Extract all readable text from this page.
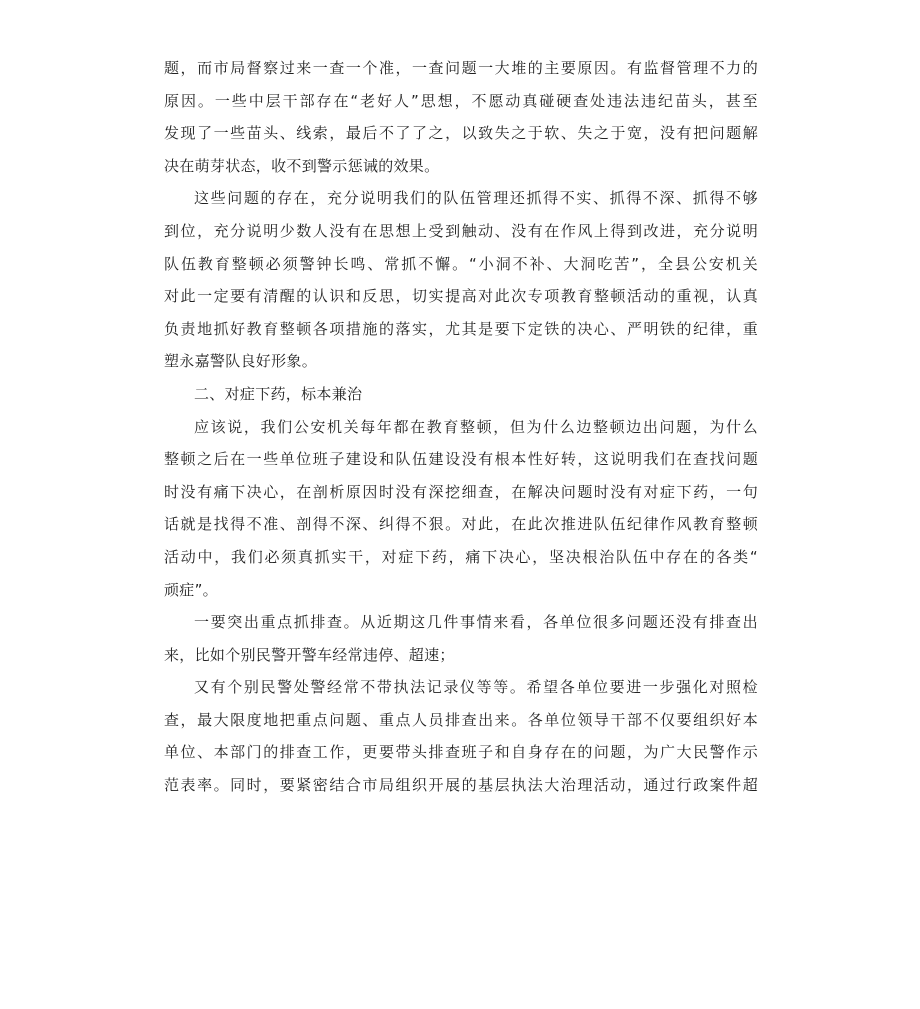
题，而市局督察过来一查一个准，一查问题一大堆的主要原因。有监督管理不力的
原因。一些中层干部存在“老好人”思想，不愿动真碰硬查处违法违纪苗头，甚至
发现了一些苗头、线索，最后不了了之，以致失之于软、失之于宽，没有把问题解
决在萌芽状态，收不到警示惩诫的效果。
这些问题的存在，充分说明我们的队伍管理还抓得不实、抓得不深、抓得不够
到位，充分说明少数人没有在思想上受到触动、没有在作风上得到改进，充分说明
队伍教育整顿必须警钟长鸣、常抓不懈。“小洞不补、大洞吃苦”，全县公安机关
对此一定要有清醒的认识和反思，切实提高对此次专项教育整顿活动的重视，认真
负责地抓好教育整顿各项措施的落实，尤其是要下定铁的决心、严明铁的纪律，重
塑永嘉警队良好形象。
二、对症下药，标本兼治
应该说，我们公安机关每年都在教育整顿，但为什么边整顿边出问题，为什么
整顿之后在一些单位班子建设和队伍建设没有根本性好转，这说明我们在查找问题
时没有痛下决心，在剖析原因时没有深挖细查，在解决问题时没有对症下药，一句
话就是找得不准、剖得不深、纠得不狠。对此，在此次推进队伍纪律作风教育整顿
活动中，我们必须真抓实干，对症下药，痛下决心，坚决根治队伍中存在的各类“
顽症”。
一要突出重点抓排查。从近期这几件事情来看，各单位很多问题还没有排查出
来，比如个别民警开警车经常违停、超速；
又有个别民警处警经常不带执法记录仪等等。希望各单位要进一步强化对照检
查，最大限度地把重点问题、重点人员排查出来。各单位领导干部不仅要组织好本
单位、本部门的排查工作，更要带头排查班子和自身存在的问题，为广大民警作示
范表率。同时，要紧密结合市局组织开展的基层执法大治理活动，通过行政案件超
